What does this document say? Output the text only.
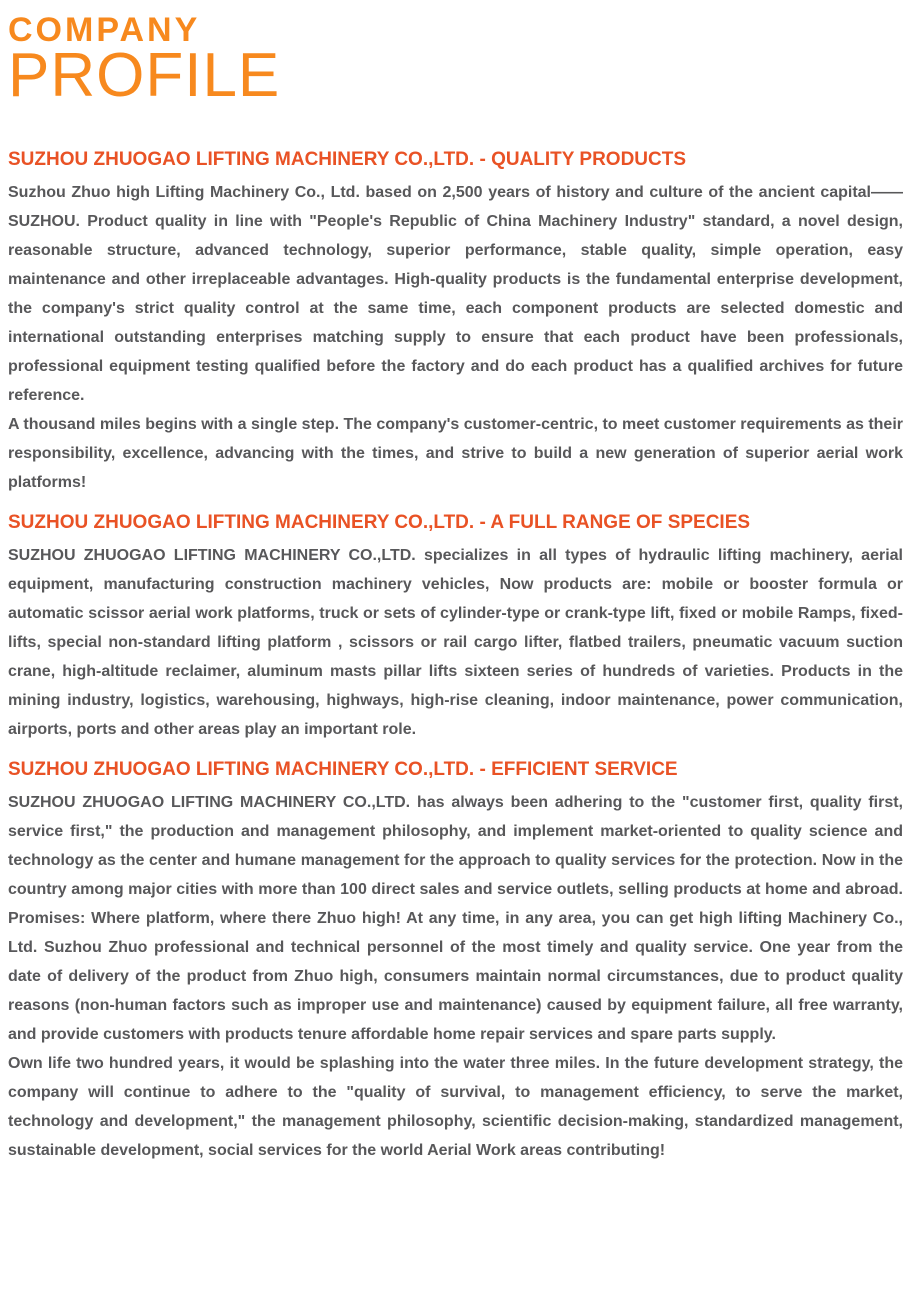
COMPANY
PROFILE
SUZHOU ZHUOGAO LIFTING MACHINERY CO.,LTD. - QUALITY PRODUCTS

Suzhou Zhuo high Lifting Machinery Co., Ltd. based on 2,500 years of history and culture of the ancient capital——SUZHOU. Product quality in line with "People's Republic of China Machinery Industry" standard, a novel design, reasonable structure, advanced technology, superior performance, stable quality, simple operation, easy maintenance and other irreplaceable advantages. High-quality products is the fundamental enterprise development, the company's strict quality control at the same time, each component products are selected domestic and international outstanding enterprises matching supply to ensure that each product have been professionals, professional equipment testing qualified before the factory and do each product has a qualified archives for future reference.

A thousand miles begins with a single step. The company's customer-centric, to meet customer requirements as their responsibility, excellence, advancing with the times, and strive to build a new generation of superior aerial work platforms!

SUZHOU ZHUOGAO LIFTING MACHINERY CO.,LTD. - A FULL RANGE OF SPECIES

SUZHOU ZHUOGAO LIFTING MACHINERY CO.,LTD. specializes in all types of hydraulic lifting machinery, aerial equipment, manufacturing construction machinery vehicles, Now products are: mobile or booster formula or automatic scissor aerial work platforms, truck or sets of cylinder-type or crank-type lift, fixed or mobile Ramps, fixed-lifts, special non-standard lifting platform , scissors or rail cargo lifter, flatbed trailers, pneumatic vacuum suction crane, high-altitude reclaimer, aluminum masts pillar lifts sixteen series of hundreds of varieties. Products in the mining industry, logistics, warehousing, highways, high-rise cleaning, indoor maintenance, power communication, airports, ports and other areas play an important role.

SUZHOU ZHUOGAO LIFTING MACHINERY CO.,LTD. - EFFICIENT SERVICE

SUZHOU ZHUOGAO LIFTING MACHINERY CO.,LTD. has always been adhering to the "customer first, quality first, service first," the production and management philosophy, and implement market-oriented to quality science and technology as the center and humane management for the approach to quality services for the protection. Now in the country among major cities with more than 100 direct sales and service outlets, selling products at home and abroad. Promises: Where platform, where there Zhuo high! At any time, in any area, you can get high lifting Machinery Co., Ltd. Suzhou Zhuo professional and technical personnel of the most timely and quality service. One year from the date of delivery of the product from Zhuo high, consumers maintain normal circumstances, due to product quality reasons (non-human factors such as improper use and maintenance) caused by equipment failure, all free warranty, and provide customers with products tenure affordable home repair services and spare parts supply.

Own life two hundred years, it would be splashing into the water three miles. In the future development strategy, the company will continue to adhere to the "quality of survival, to management efficiency, to serve the market, technology and development," the management philosophy, scientific decision-making, standardized management, sustainable development, social services for the world Aerial Work areas contributing!
